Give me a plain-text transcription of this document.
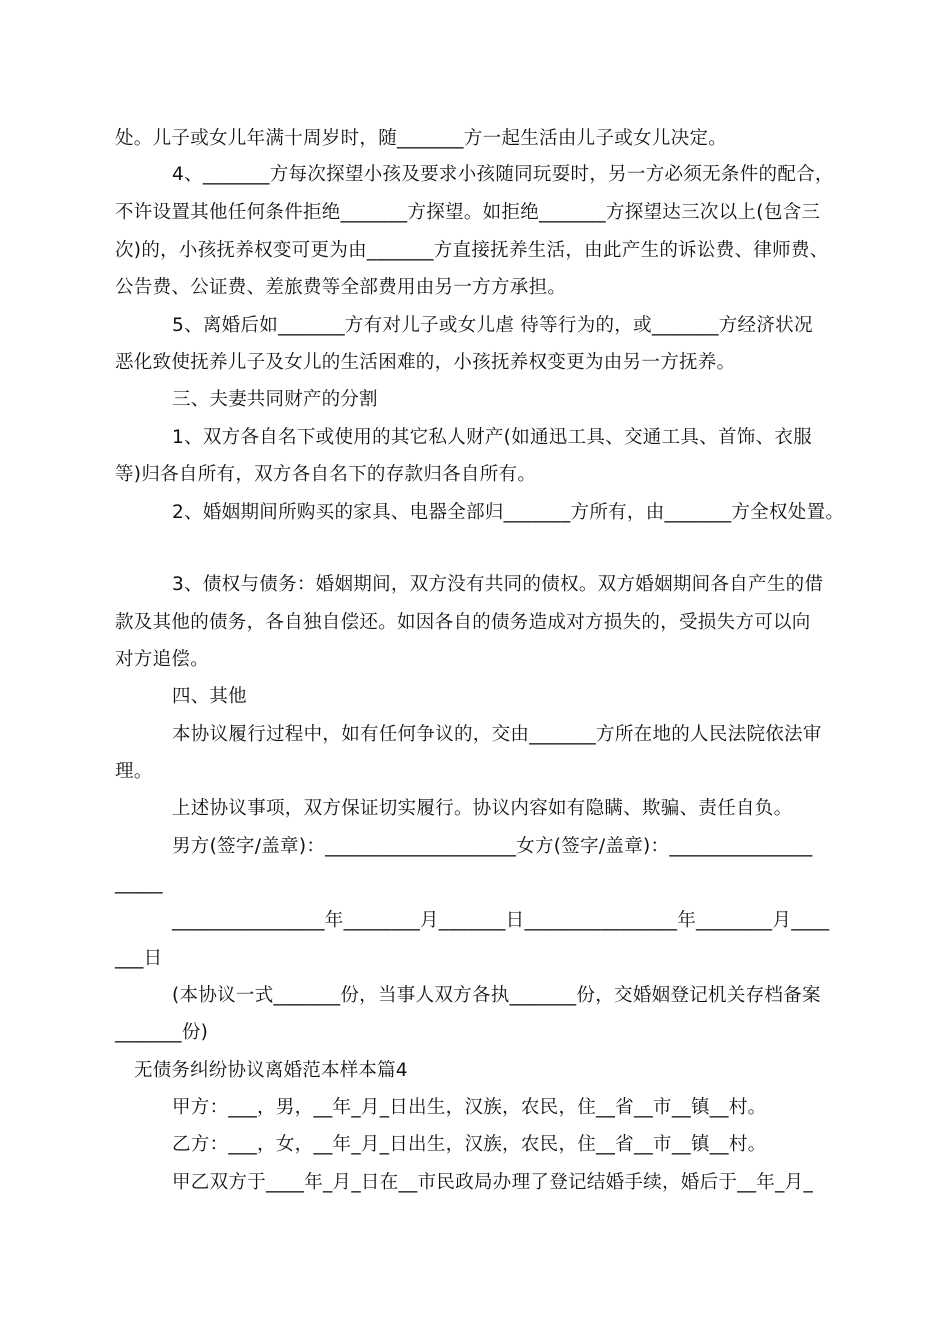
处。儿子或女儿年满十周岁时，随_______方一起生活由儿子或女儿决定。
4、_______方每次探望小孩及要求小孩随同玩耍时，另一方必须无条件的配合，
不许设置其他任何条件拒绝_______方探望。如拒绝_______方探望达三次以上(包含三
次)的，小孩抚养权变可更为由_______方直接抚养生活，由此产生的诉讼费、律师费、
公告费、公证费、差旅费等全部费用由另一方方承担。
5、离婚后如_______方有对儿子或女儿虐 待等行为的，或_______方经济状况
恶化致使抚养儿子及女儿的生活困难的，小孩抚养权变更为由另一方抚养。
三、夫妻共同财产的分割
1、双方各自名下或使用的其它私人财产(如通迅工具、交通工具、首饰、衣服
等)归各自所有，双方各自名下的存款归各自所有。
2、婚姻期间所购买的家具、电器全部归_______方所有，由_______方全权处置。
3、债权与债务：婚姻期间，双方没有共同的债权。双方婚姻期间各自产生的借
款及其他的债务，各自独自偿还。如因各自的债务造成对方损失的，受损失方可以向
对方追偿。
四、其他
本协议履行过程中，如有任何争议的，交由_______方所在地的人民法院依法审
理。
上述协议事项，双方保证切实履行。协议内容如有隐瞒、欺骗、责任自负。
男方(签字/盖章)：____________________女方(签字/盖章)：_______________
_____
________________年________月_______日________________年________月____
___日
(本协议一式_______份，当事人双方各执_______份，交婚姻登记机关存档备案
_______份)
无债务纠纷协议离婚范本样本篇4
甲方：___，男，__年_月_日出生，汉族，农民，住__省__市__镇__村。
乙方：___，女，__年_月_日出生，汉族，农民，住__省__市__镇__村。
甲乙双方于____年_月_日在__市民政局办理了登记结婚手续，婚后于__年_月_
